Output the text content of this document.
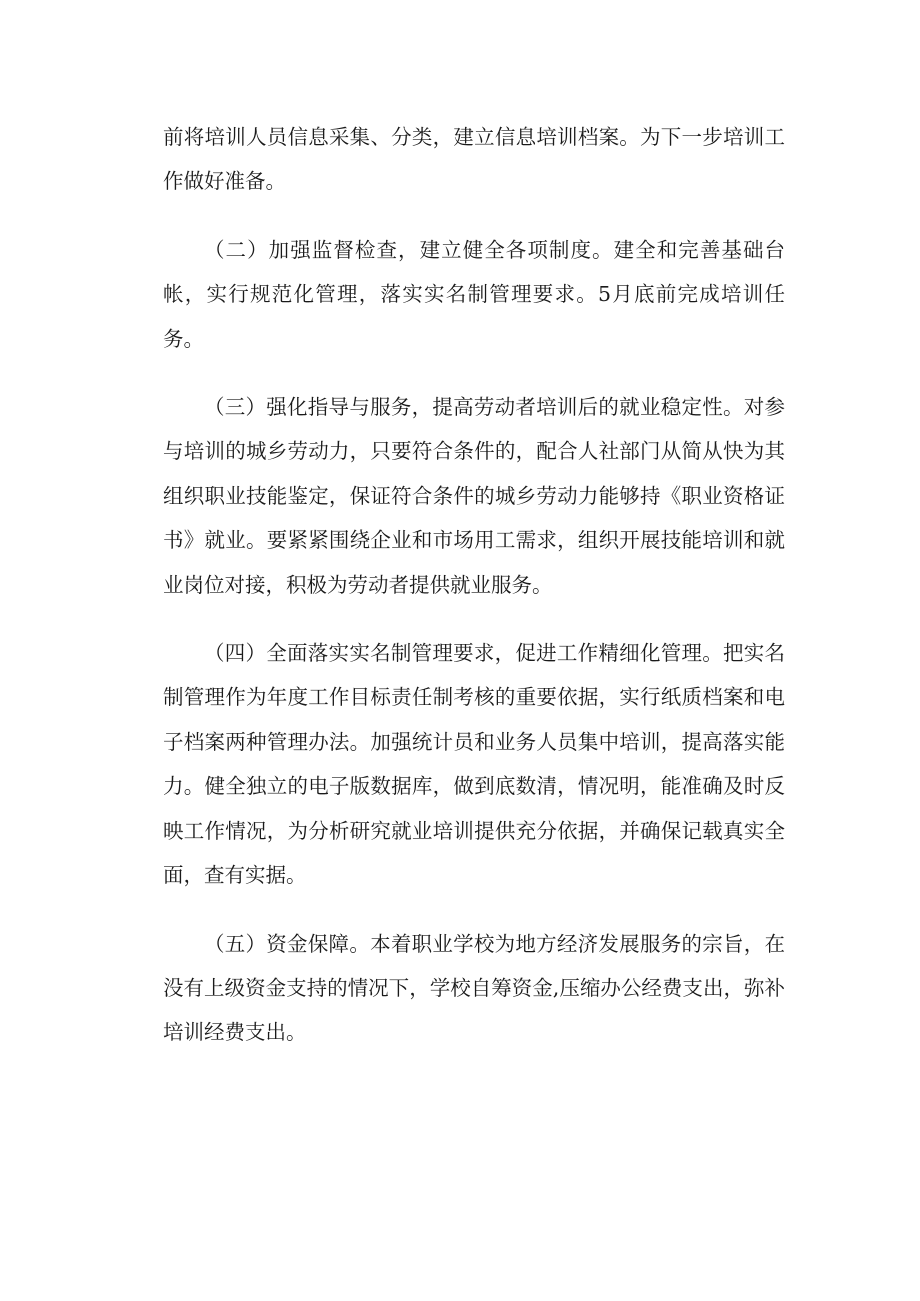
前将培训人员信息采集、分类，建立信息培训档案。为下一步培训工作做好准备。

（二）加强监督检查，建立健全各项制度。建全和完善基础台帐，实行规范化管理，落实实名制管理要求。5月底前完成培训任务。

（三）强化指导与服务，提高劳动者培训后的就业稳定性。对参与培训的城乡劳动力，只要符合条件的，配合人社部门从简从快为其组织职业技能鉴定，保证符合条件的城乡劳动力能够持《职业资格证书》就业。要紧紧围绕企业和市场用工需求，组织开展技能培训和就业岗位对接，积极为劳动者提供就业服务。

（四）全面落实实名制管理要求，促进工作精细化管理。把实名制管理作为年度工作目标责任制考核的重要依据，实行纸质档案和电子档案两种管理办法。加强统计员和业务人员集中培训，提高落实能力。健全独立的电子版数据库，做到底数清，情况明，能准确及时反映工作情况，为分析研究就业培训提供充分依据，并确保记载真实全面，查有实据。

（五）资金保障。本着职业学校为地方经济发展服务的宗旨，在没有上级资金支持的情况下，学校自筹资金,压缩办公经费支出，弥补培训经费支出。
